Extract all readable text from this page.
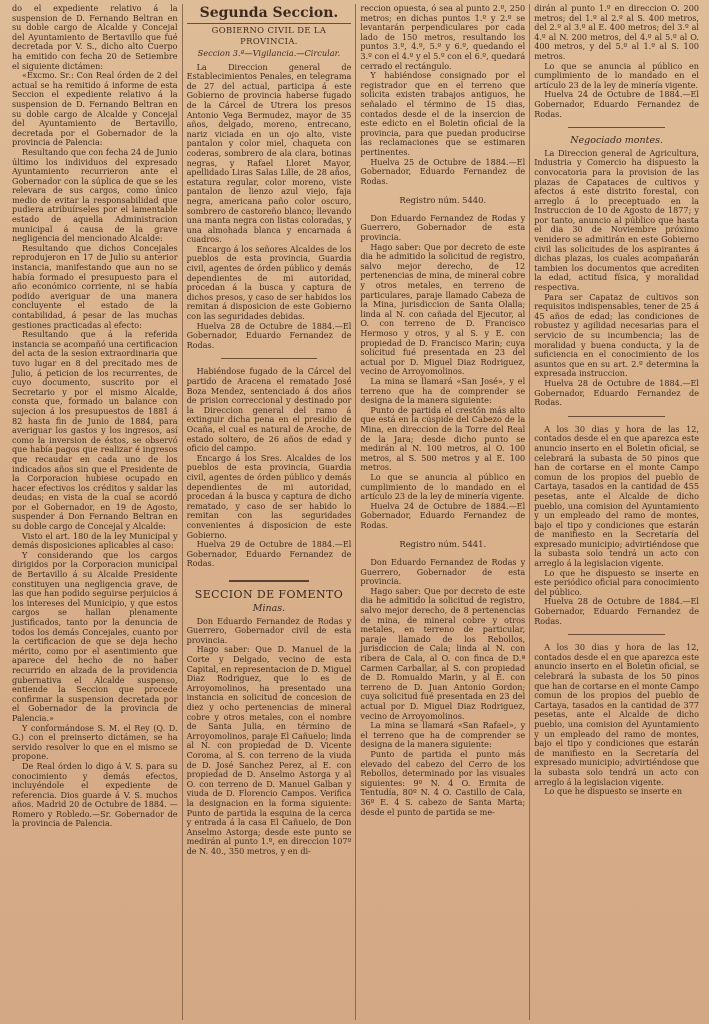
do el expediente relativo á la suspension de D. Fernando Beltran en su doble cargo de Alcalde y Concejal del Ayuntamiento de Bertavillo que fué decretada por V. S., dicho alto Cuerpo ha emitido con fecha 20 de Setiembre el siguiente dictámen:

«Excmo. Sr.: Con Real órden de 2 del actual se ha remitido á informe de esta Seccion el expediente relativo á la suspension de D. Fernando Beltran en su doble cargo de Alcalde y Concejal del Ayuntamiento de Bertavillo, decretada por el Gobernador de la provincia de Palencia:

Resultando que con fecha 24 de Junio último los individuos del expresado Ayuntamiento recurrieron ante el Gobernador con la súplica de que se les relevara de sus cargos, como único medio de evitar la responsabilidad que pudiera atribuírseles por el lamentable estado de aquella Administracion municipal á causa de la grave negligencia del mencionado Alcalde:

Resultando que dichos Concejales reprodujeron en 17 de Julio su anterior instancia, manifestando que aun no se había formado el presupuesto para el año económico corriente, ni se había podido averiguar de una manera concluyente el estado de la contabilidad, á pesar de las muchas gestiones practicadas al efecto:

Resultando que á la referida instancia se acompañó una certificacion del acta de la sesion extraordinaria que tuvo lugar en 8 del precitado mes de Julio, á peticion de los recurrentes, de cuyo documento, suscrito por el Secretario y por el mismo Alcalde, consta que, formado un balance con sujecion á los presupuestos de 1881 á 82 hasta fin de Junio de 1884, para averiguar los gastos y los ingresos, así como la inversion de éstos, se observó que había pagos que realizar é ingresos que recaudar en cada uno de los indicados años sin que el Presidente de la Corporacion hubiese ocupado en hacer efectivos los créditos y saldar las deudas; en vista de la cual se acordó por el Gobernador, en 19 de Agosto, suspender á Don Fernando Beltran en su doble cargo de Concejal y Alcalde:

Visto el art. 180 de la ley Municipal y demás disposiciones aplicables al caso:

Y considerando que los cargos dirigidos por la Corporacion municipal de Bertavillo á su Alcalde Presidente constituyen una negligencia grave, de las que han podido seguirse perjuicios á los intereses del Municipio, y que estos cargos se hallan plenamente justificados, tanto por la denuncia de todos los demás Concejales, cuanto por la certificacion de que se deja hecho mérito, como por el asentimiento que aparece del hecho de no haber recurrido en alzada de la providencia gubernativa el Alcalde suspenso, entiende la Seccion que procede confirmar la suspension decretada por el Gobernador de la provincia de Palencia.»

Y conformándose S. M. el Rey (Q. D. G.) con el preinserto dictámen, se ha servido resolver lo que en el mismo se propone.

De Real órden lo digo á V. S. para su conocimiento y demás efectos, incluyéndole el expediente de referencia. Dios guarde á V. S. muchos años. Madrid 20 de Octubre de 1884. —Romero y Robledo.—Sr. Gobernador de la provincia de Palencia.

Segunda Seccion.
GOBIERNO CIVIL DE LA PROVINCIA.
Seccion 3.ª—Vigilancia.—Circular.

La Direccion general de Establecimientos Penales, en telegrama de 27 del actual, participa á este Gobierno de provincia haberse fugado de la Cárcel de Utrera los presos Antonio Vega Bermudez, mayor de 35 años, delgado, moreno, entrecano, nariz viciada en un ojo alto, viste pantalon y color miel, chaqueta con coderas, sombrero de ala clara, botinas negras, y Rafael Lloret Mayor, apellidado Liras Salas Lille, de 28 años, estatura regular, color moreno, viste pantalon de lienzo azul viejo, faja negra, americana paño color oscuro, sombrero de castoreño blanco; llevando una manta negra con listas coloradas, y una almohada blanca y encarnada á cuadros.

Encargo á los señores Alcaldes de los pueblos de esta provincia, Guardia civil, agentes de órden público y demás dependientes de mi autoridad, procedan á la busca y captura de dichos presos, y caso de ser habidos los remitan á disposicion de este Gobierno con las seguridades debidas.

Huelva 28 de Octubre de 1884.—El Gobernador, Eduardo Fernandez de Rodas.

Habiéndose fugado de la Cárcel del partido de Aracena el rematado José Boza Mendez, sentenciado á dos años de prision correccional y destinado por la Direccion general del ramo á extinguir dicha pena en el presidio de Ocaña, el cual es natural de Aroche, de estado soltero, de 26 años de edad y oficio del campo.

Encargo á los Sres. Alcaldes de los pueblos de esta provincia, Guardia civil, agentes de órden público y demás dependientes de mi autoridad, procedan á la busca y captura de dicho rematado, y caso de ser habido lo remitan con las seguridades convenientes á disposicion de este Gobierno.

Huelva 29 de Octubre de 1884.—El Gobernador, Eduardo Fernandez de Rodas.

SECCION DE FOMENTO
Minas.

Don Eduardo Fernandez de Rodas y Guerrero, Gobernador civil de esta provincia.

Hago saber: Que D. Manuel de la Corte y Delgado, vecino de esta Capital, en representacion de D. Miguel Diaz Rodriguez, que lo es de Arroyomolinos, ha presentado una instancia en solicitud de concesion de diez y ocho pertenencias de mineral cobre y otros metales, con el nombre de Santa Julia, en término de Arroyomolinos, paraje El Cañuelo; linda al N. con propiedad de D. Vicente Coroma, al S. con terreno de la viuda de D. José Sanchez Perez, al E. con propiedad de D. Anselmo Astorga y al O. con terreno de D. Manuel Galban y viuda de D. Florencio Campos. Verifica la designacion en la forma siguiente: Punto de partida la esquina de la cerca y entrada á la casa El Cañuelo, de Don Anselmo Astorga; desde este punto se medirán al punto 1.º, en direccion 107º de N. 40., 350 metros, y en di-

reccion opuesta, ó sea al punto 2.º, 250 metros; en dichas puntos 1.º y 2.º se levantarán perpendiculares por cada lado de 150 metros, resultando los puntos 3.º, 4.º, 5.º y 6.º, quedando el 3.º con el 4.º y el 5.º con el 6.º, quedará cerrado el rectángulo.

Y habiéndose consignado por el registrador que en el terreno que solicita existen trabajos antiguos, he señalado el término de 15 dias, contados desde el de la insercion de este edicto en el Boletin oficial de la provincia, para que puedan producirse las reclamaciones que se estimaren pertinentes.

Huelva 25 de Octubre de 1884.—El Gobernador, Eduardo Fernandez de Rodas.

Registro núm. 5440.

Don Eduardo Fernandez de Rodas y Guerrero, Gobernador de esta provincia.

Hago saber: Que por decreto de este dia he admitido la solicitud de registro, salvo mejor derecho, de 12 pertenencias de mina, de mineral cobre y otros metales, en terreno de particulares, paraje llamado Cabeza de la Mina, jurisdiccion de Santa Olalla; linda al N. con cañada del Ejecutor, al O. con terreno de D. Francisco Hermoso y otros, y al S. y E. con propiedad de D. Francisco Marin; cuya solicitud fué presentada en 23 del actual por D. Miguel Diaz Rodriguez, vecino de Arroyomolinos.

La mina se llamará «San José», y el terreno que ha de comprender se designa de la manera siguiente:

Punto de partida el crestón más alto que está en la cúspide del Cabezo de la Mina, en direccion de la Torre del Real de la Jara; desde dicho punto se medirán al N. 100 metros, al O. 100 metros, al S. 500 metros y al E. 100 metros.

Lo que se anuncia al público en cumplimiento de lo mandado en el artículo 23 de la ley de minería vigente.

Huelva 24 de Octubre de 1884.—El Gobernador, Eduardo Fernandez de Rodas.

Registro núm. 5441.

Don Eduardo Fernandez de Rodas y Guerrero, Gobernador de esta provincia.

Hago saber: Que por decreto de este dia he admitido la solicitud de registro, salvo mejor derecho, de 8 pertenencias de mina, de mineral cobre y otros metales, en terreno de particular, paraje llamado de los Rebollos, jurisdiccion de Cala; linda al N. con ribera de Cala, al O. con finca de D.ª Carmen Carballar, al S. con propiedad de D. Romualdo Marin, y al E. con terreno de D. Juan Antonio Gordon; cuya solicitud fué presentada en 23 del actual por D. Miguel Diaz Rodriguez, vecino de Arroyomolinos.

La mina se llamará «San Rafael», y el terreno que ha de comprender se designa de la manera siguiente:

Punto de partida el punto más elevado del cabezo del Cerro de los Rebollos, determinado por las visuales siguientes: 9º N. 4 O. Ermita de Tentudía, 80º N. 4 O. Castillo de Cala, 36º E. 4 S. cabezo de Santa Marta; desde el punto de partida se me-

dirán al punto 1.º en direccion O. 200 metros; del 1.º al 2.º al S. 400 metros, del 2.º al 3.º al E. 400 metros; del 3.º al 4.º al N. 200 metros, del 4.º al 5.º al O. 400 metros, y del 5.º al 1.º al S. 100 metros.

Lo que se anuncia al público en cumplimiento de lo mandado en el artículo 23 de la ley de minería vigente.

Huelva 24 de Octubre de 1884.—El Gobernador, Eduardo Fernandez de Rodas.

Negociado montes.

La Direccion general de Agricultura, Industria y Comercio ha dispuesto la convocatoria para la provision de las plazas de Capataces de cultivos y afectos á este distrito forestal, con arreglo á lo preceptuado en la Instruccion de 10 de Agosto de 1877; y por tanto, anuncio al público que hasta el dia 30 de Noviembre próximo venidero se admitirán en este Gobierno civil las solicitudes de los aspirantes á dichas plazas, los cuales acompañarán tambien los documentos que acrediten la edad, actitud física, y moralidad respectiva.

Para ser Capataz de cultivos son requisitos indispensables, tener de 25 á 45 años de edad; las condiciones de robustez y agilidad necesarias para el servicio de su incumbencia; las de moralidad y buena conducta, y la de suficiencia en el conocimiento de los asuntos que en su art. 2.º determina la expresada instruccion.

Huelva 28 de Octubre de 1884.—El Gobernador, Eduardo Fernandez de Rodas.

A los 30 dias y hora de las 12, contados desde el en que aparezca este anuncio inserto en el Boletin oficial, se celebrará la subasta de 50 pinos que han de cortarse en el monte Campo comun de los propios del pueblo de Cartaya, tasados en la cantidad de 455 pesetas, ante el Alcalde de dicho pueblo, una comision del Ayuntamiento y un empleado del ramo de montes, bajo el tipo y condiciones que estarán de manifiesto en la Secretaría del expresado municipio; advirtiéndose que la subasta solo tendrá un acto con arreglo á la legislacion vigente.

Lo que he dispuesto se inserte en este periódico oficial para conocimiento del público.

Huelva 28 de Octubre de 1884.—El Gobernador, Eduardo Fernandez de Rodas.

A los 30 dias y hora de las 12, contados desde el en que aparezca este anuncio inserto en el Boletin oficial, se celebrará la subasta de los 50 pinos que han de cortarse en el monte Campo comun de los propios del pueblo de Cartaya, tasados en la cantidad de 377 pesetas, ante el Alcalde de dicho pueblo, una comision del Ayuntamiento y un empleado del ramo de montes, bajo el tipo y condiciones que estarán de manifiesto en la Secretaría del expresado municipio; advirtiéndose que la subasta solo tendrá un acto con arreglo á la legislacion vigente.

Lo que he dispuesto se inserte en
